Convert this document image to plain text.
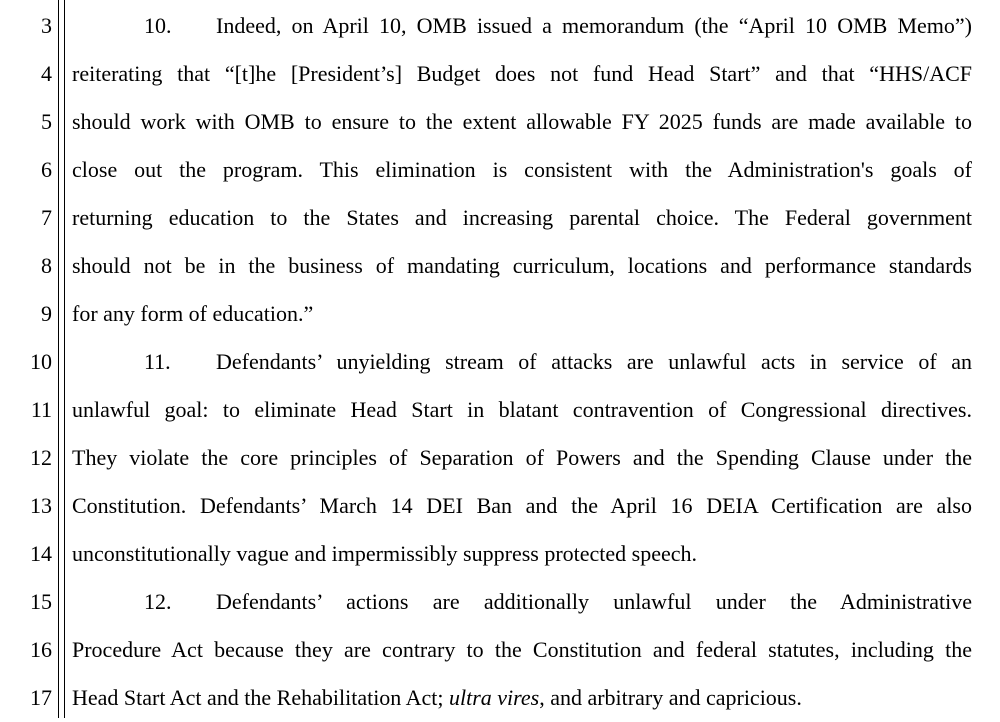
3
4
5
6
7
8
9
10
11
12
13
14
15
16
17
10.	Indeed, on April 10, OMB issued a memorandum (the “April 10 OMB Memo”)
reiterating that “[t]he [President’s] Budget does not fund Head Start” and that “HHS/ACF
should work with OMB to ensure to the extent allowable FY 2025 funds are made available to
close out the program. This elimination is consistent with the Administration's goals of
returning education to the States and increasing parental choice. The Federal government
should not be in the business of mandating curriculum, locations and performance standards
for any form of education.”
11.	Defendants’ unyielding stream of attacks are unlawful acts in service of an
unlawful goal: to eliminate Head Start in blatant contravention of Congressional directives.
They violate the core principles of Separation of Powers and the Spending Clause under the
Constitution. Defendants’ March 14 DEI Ban and the April 16 DEIA Certification are also
unconstitutionally vague and impermissibly suppress protected speech.
12.	Defendants’ actions are additionally unlawful under the Administrative
Procedure Act because they are contrary to the Constitution and federal statutes, including the
Head Start Act and the Rehabilitation Act; ultra vires, and arbitrary and capricious.
